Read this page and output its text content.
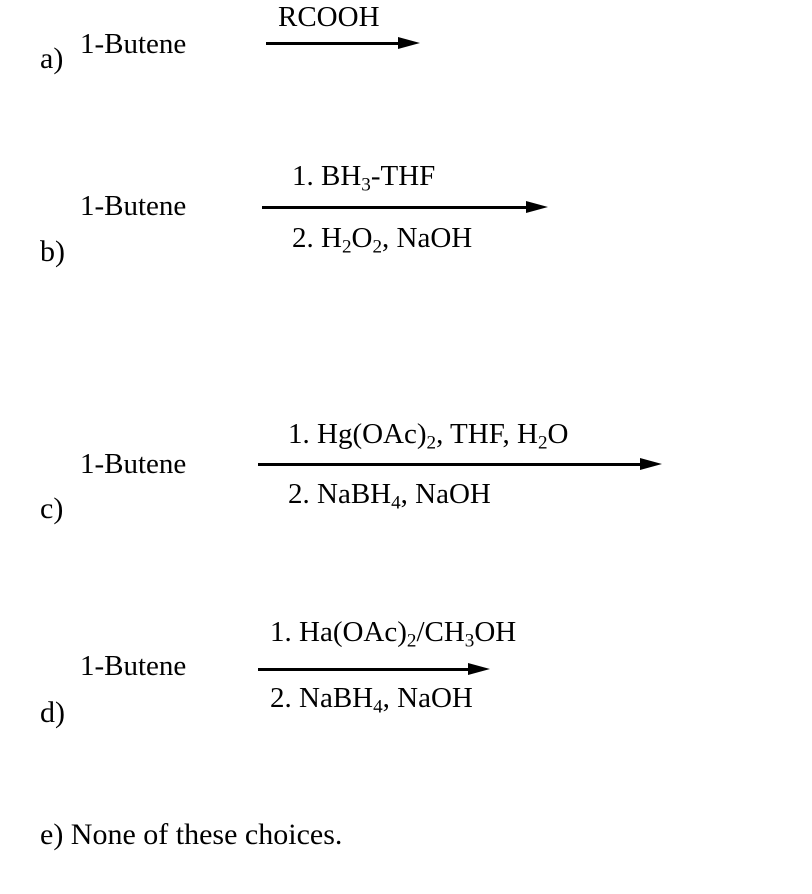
a) 1-Butene
RCOOH
b)
1-Butene
1. $BH_3$-THF
2. $H_2O_2$, NaOH
c)
1-Butene
1. $Hg(OAc)_2$, THF, $H_2O$
2. NaBH$_4$, NaOH
d)
1-Butene
1. $Ha(OAc)_2/CH_3OH$
2. NaBH$_4$, NaOH
e) None of these choices.
